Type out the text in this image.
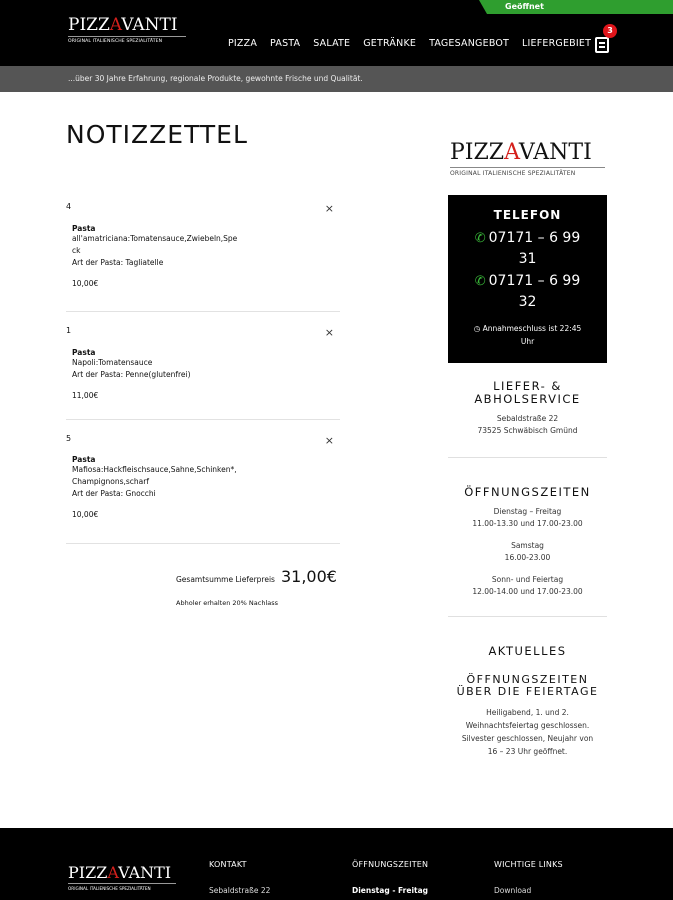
Geöffnet
PIZZAVANTI
ORIGINAL ITALIENISCHE SPEZIALITÄTEN	PIZZA PASTA SALATE GETRÄNKE TAGESANGEBOT LIEFERGEBIET
3
...über 30 Jahre Erfahrung, regionale Produkte, gewohnte Frische und Qualität.
NOTIZZETTEL
4	×
Pasta
all'amatriciana:Tomatensauce,Zwiebeln,Spe
ck
Art der Pasta: Tagliatelle
10,00€
1	×
Pasta
Napoli:Tomatensauce
Art der Pasta: Penne(glutenfrei)
11,00€
5	×
Pasta
Mafiosa:Hackfleischsauce,Sahne,Schinken*,
Champignons,scharf
Art der Pasta: Gnocchi
10,00€
Gesamtsumme Lieferpreis 31,00€
Abholer erhalten 20% Nachlass
PIZZAVANTI
ORIGINAL ITALIENISCHE SPEZIALITÄTEN
TELEFON
✆ 07171 – 6 99
31
✆ 07171 – 6 99
32
◷ Annahmeschluss ist 22:45
Uhr
LIEFER- &
ABHOLSERVICE
Sebaldstraße 22
73525 Schwäbisch Gmünd
ÖFFNUNGSZEITEN
Dienstag – Freitag
11.00-13.30 und 17.00-23.00
Samstag
16.00-23.00
Sonn- und Feiertag
12.00-14.00 und 17.00-23.00
AKTUELLES
ÖFFNUNGSZEITEN
ÜBER DIE FEIERTAGE
Heiligabend, 1. und 2.
Weihnachtsfeiertag geschlossen.
Silvester geschlossen, Neujahr von
16 – 23 Uhr geöffnet.
PIZZAVANTI
ORIGINAL ITALIENISCHE SPEZIALITÄTEN
KONTAKT
Sebaldstraße 22
ÖFFNUNGSZEITEN
Dienstag - Freitag
WICHTIGE LINKS
Download
